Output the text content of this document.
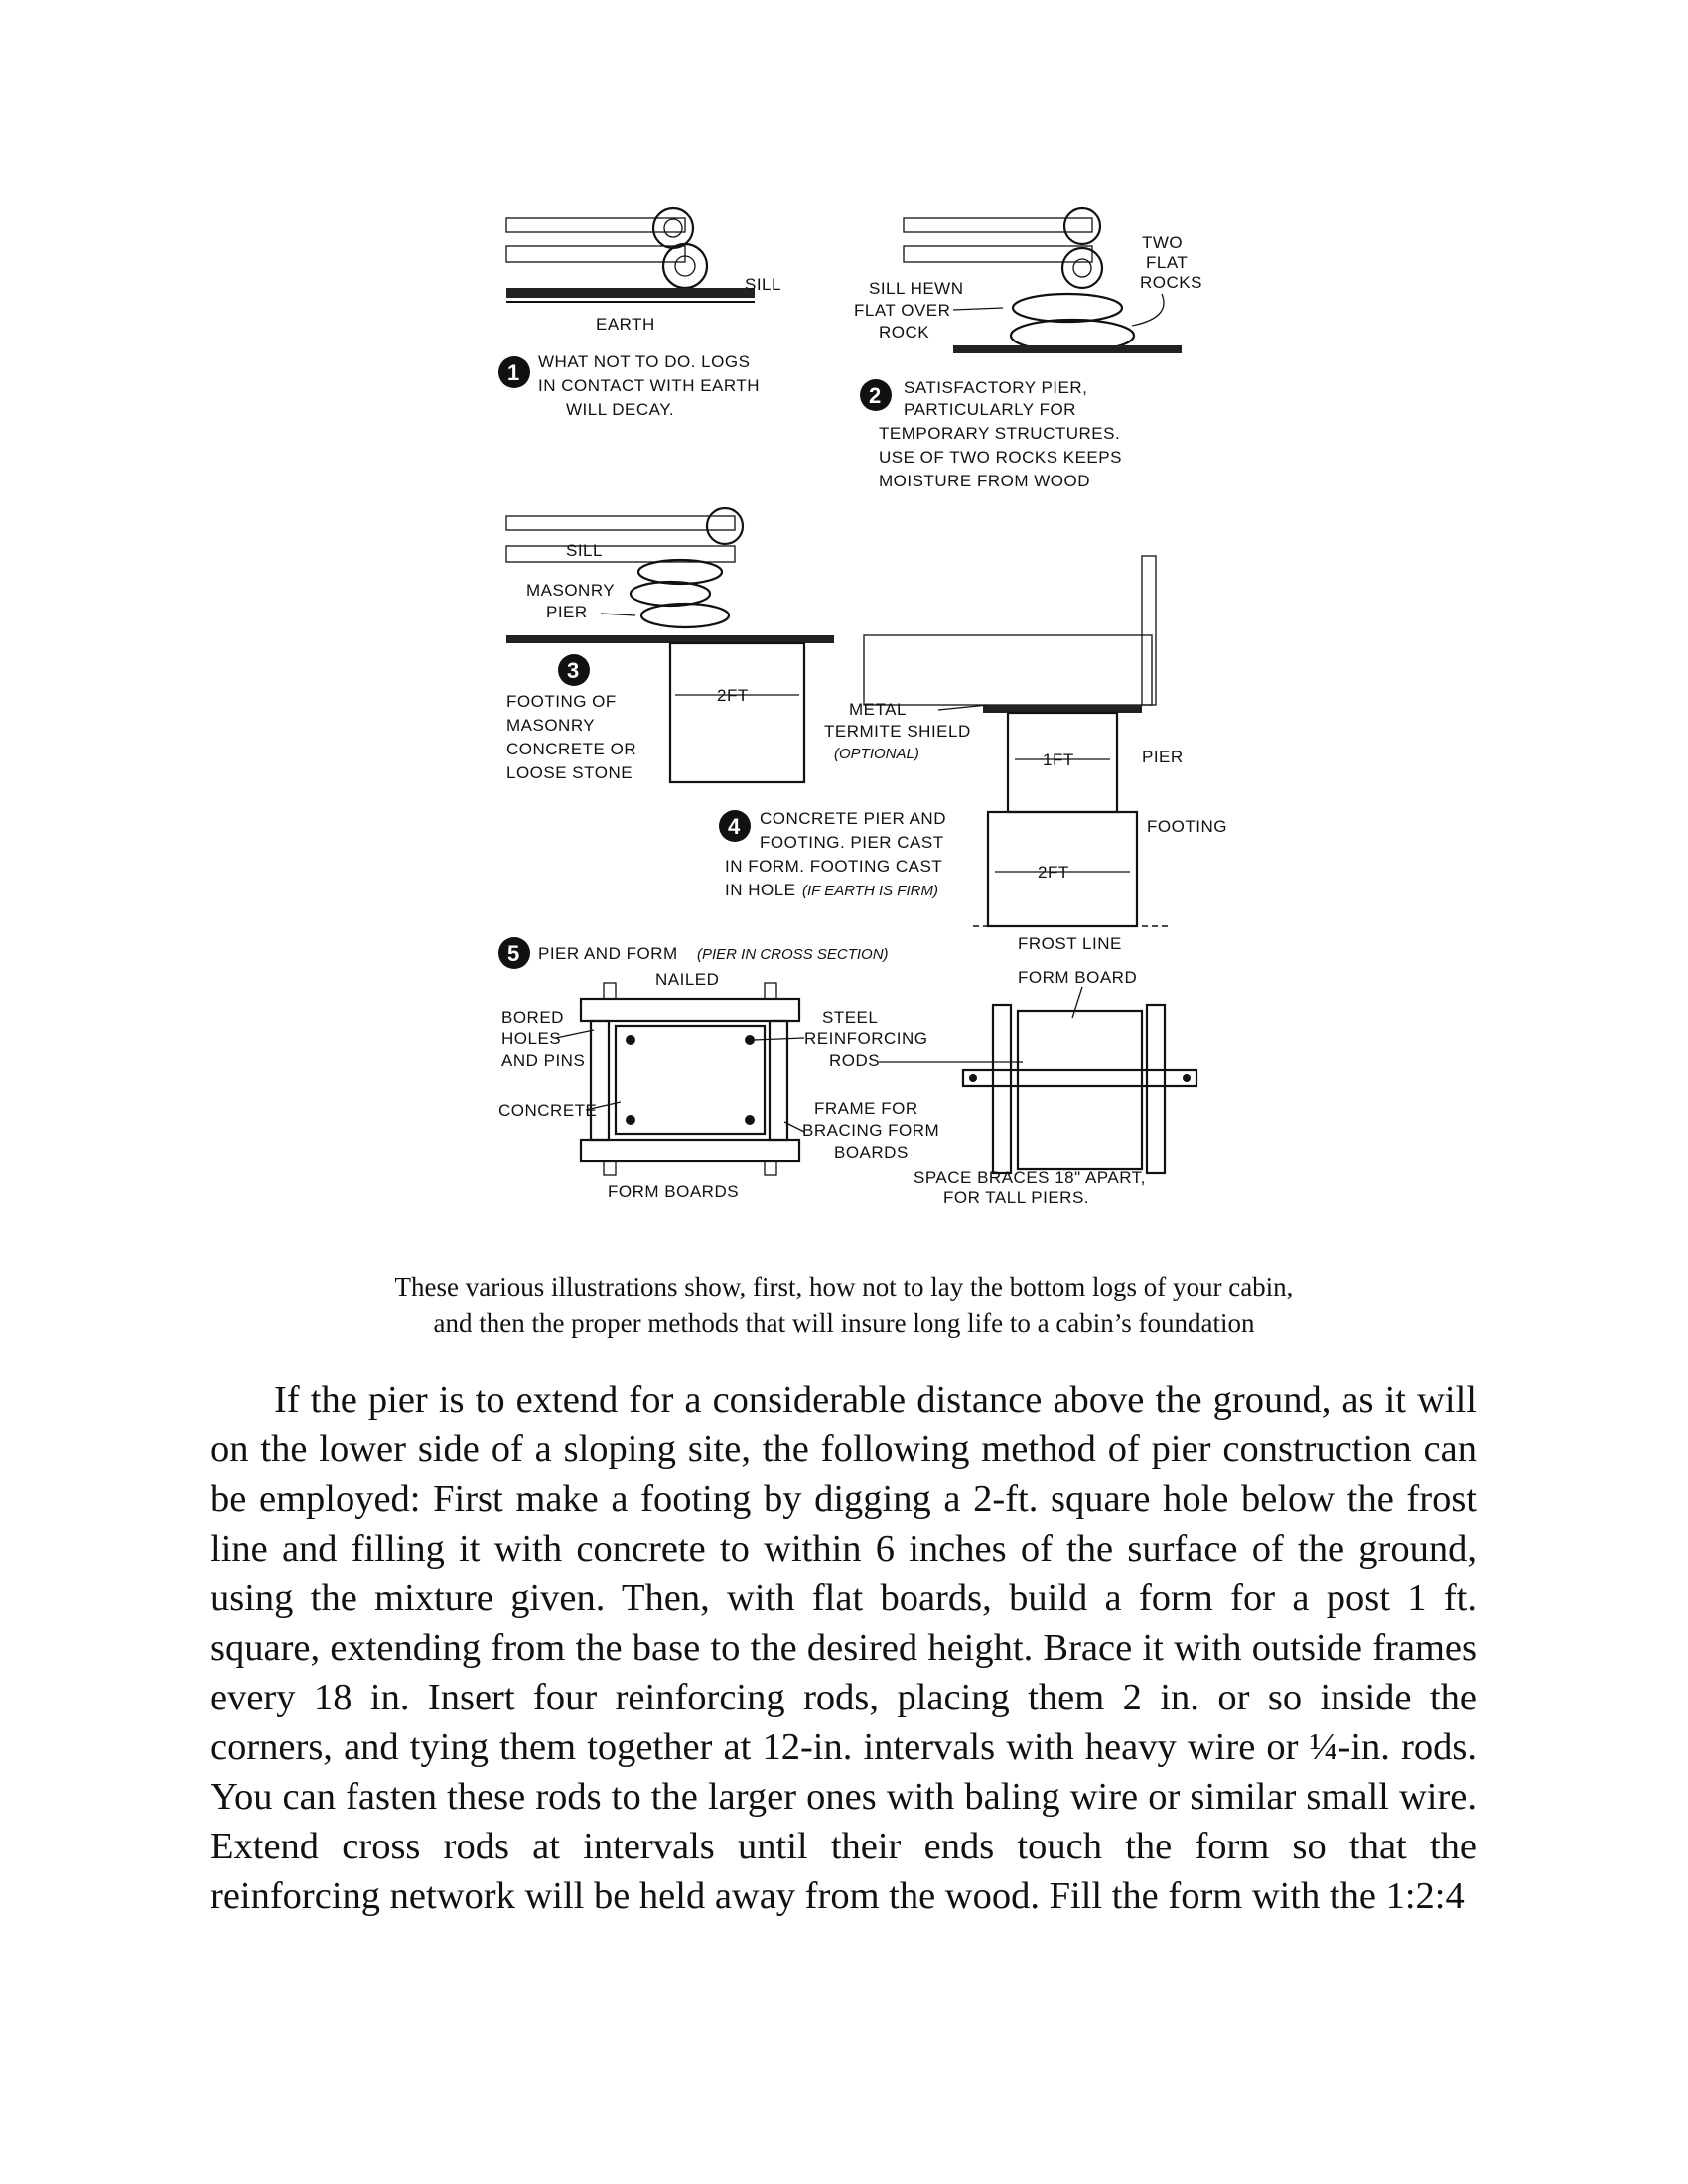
SILL
EARTH
1 WHAT NOT TO DO. LOGS
IN CONTACT WITH EARTH
WILL DECAY.
SILL HEWN
FLAT OVER
ROCK
TWO
FLAT
ROCKS
2 SATISFACTORY PIER,
PARTICULARLY FOR
TEMPORARY STRUCTURES.
USE OF TWO ROCKS KEEPS
MOISTURE FROM WOOD
SILL
MASONRY
PIER
3
FOOTING OF
MASONRY
CONCRETE OR
LOOSE STONE
2FT
METAL
TERMITE SHIELD
(OPTIONAL)	1FT	PIER
4 CONCRETE PIER AND
FOOTING. PIER CAST
IN FORM. FOOTING CAST
IN HOLE (IF EARTH IS FIRM)
FOOTING
2FT
FROST LINE
5 PIER AND FORM (PIER IN CROSS SECTION)
NAILED
BORED
HOLES
AND PINS
CONCRETE
STEEL
REINFORCING
RODS
FRAME FOR
BRACING FORM
BOARDS
FORM BOARDS
FORM BOARD
SPACE BRACES 18" APART,
FOR TALL PIERS.
These various illustrations show, first, how not to lay the bottom logs of your cabin,
and then the proper methods that will insure long life to a cabin’s foundation

If the pier is to extend for a considerable distance above the ground, as it will on the lower side of a sloping site, the following method of pier construction can be employed: First make a footing by digging a 2-ft. square hole below the frost line and filling it with concrete to within 6 inches of the surface of the ground, using the mixture given. Then, with flat boards, build a form for a post 1 ft. square, extending from the base to the desired height. Brace it with outside frames every 18 in. Insert four reinforcing rods, placing them 2 in. or so inside the corners, and tying them together at 12-in. intervals with heavy wire or ¼-in. rods. You can fasten these rods to the larger ones with baling wire or similar small wire. Extend cross rods at intervals until their ends touch the form so that the reinforcing network will be held away from the wood. Fill the form with the 1:2:4
